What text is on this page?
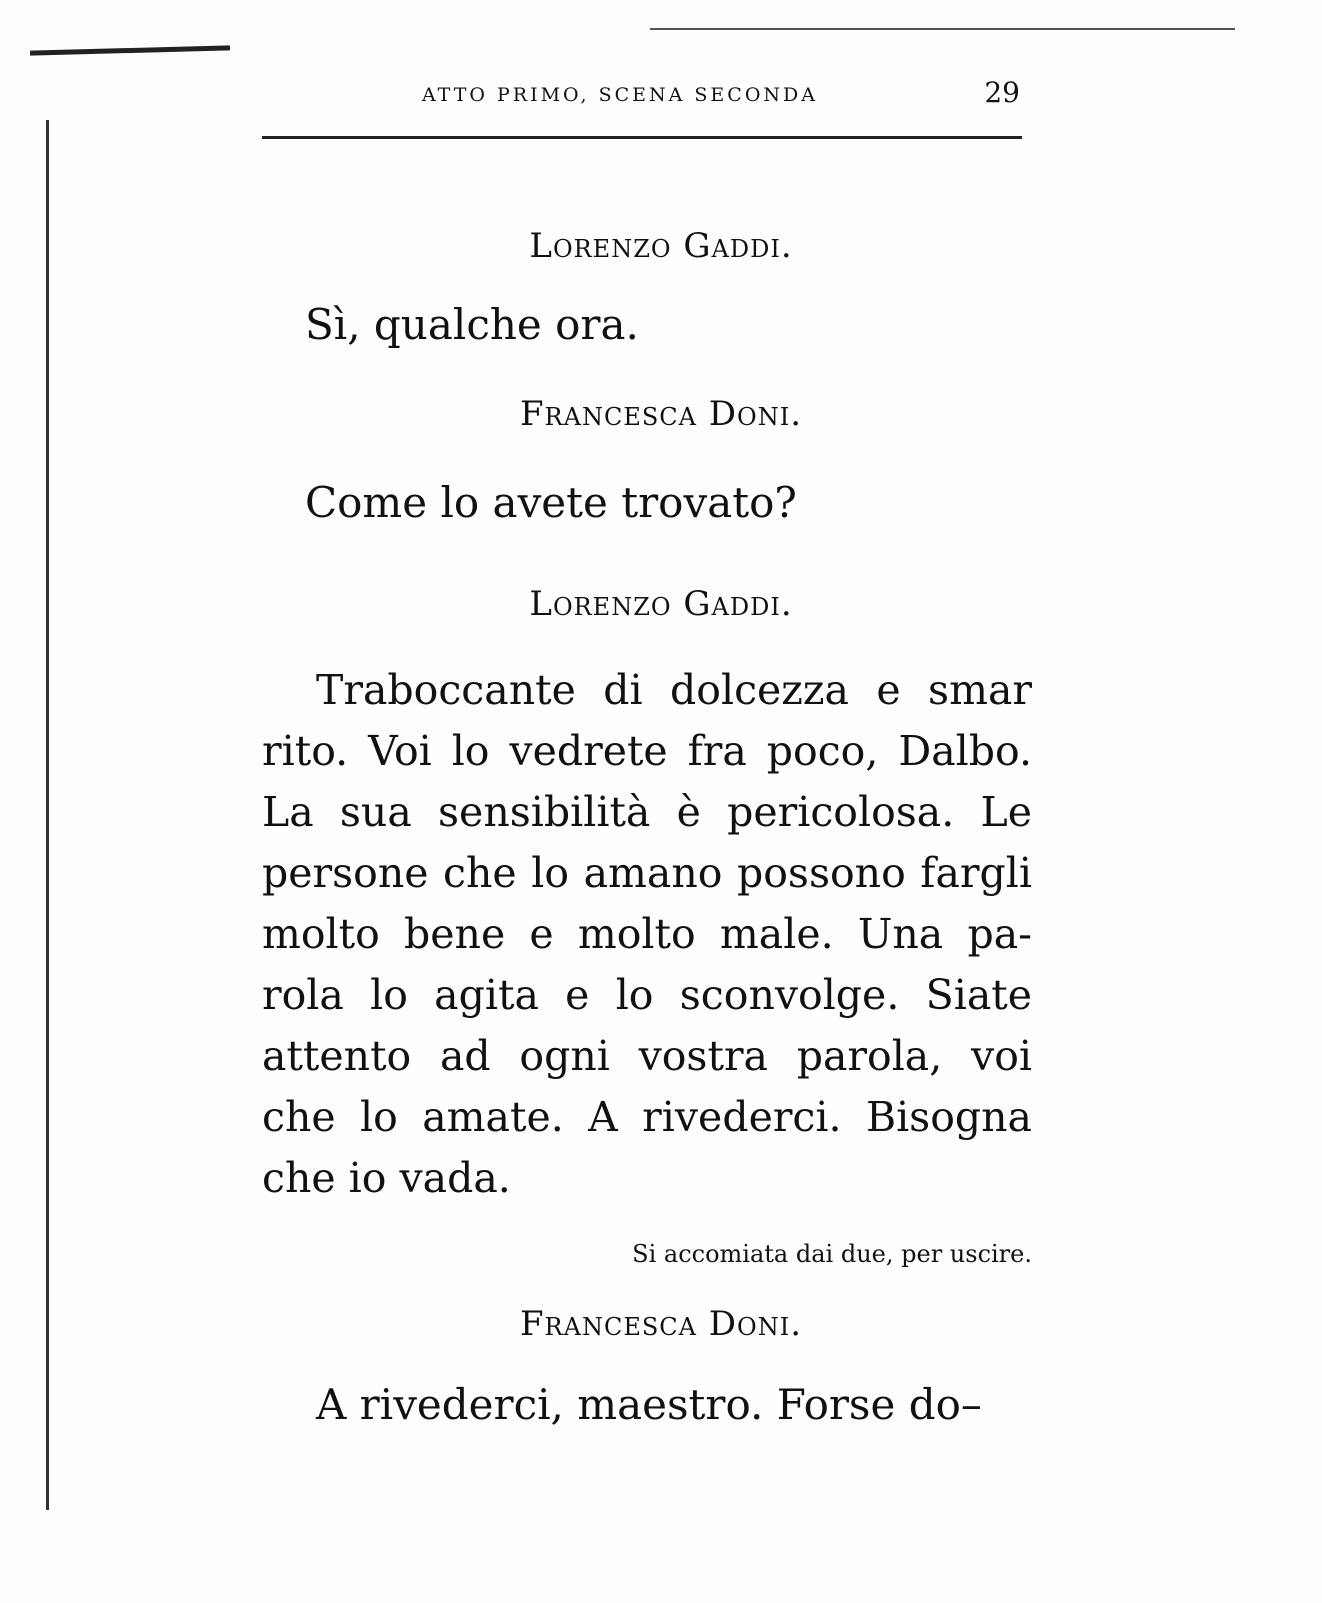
ATTO PRIMO, SCENA SECONDA	29
Lorenzo Gaddi.
Sì, qualche ora.
Francesca Doni.
Come lo avete trovato?
Lorenzo Gaddi.
Traboccante di dolcezza e smar
rito. Voi lo vedrete fra poco, Dalbo.
La sua sensibilità è pericolosa. Le
persone che lo amano possono fargli
molto bene e molto male. Una pa-
rola lo agita e lo sconvolge. Siate
attento ad ogni vostra parola, voi
che lo amate. A rivederci. Bisogna
che io vada.
Si accomiata dai due, per uscire.
Francesca Doni.
A rivederci, maestro. Forse do–
